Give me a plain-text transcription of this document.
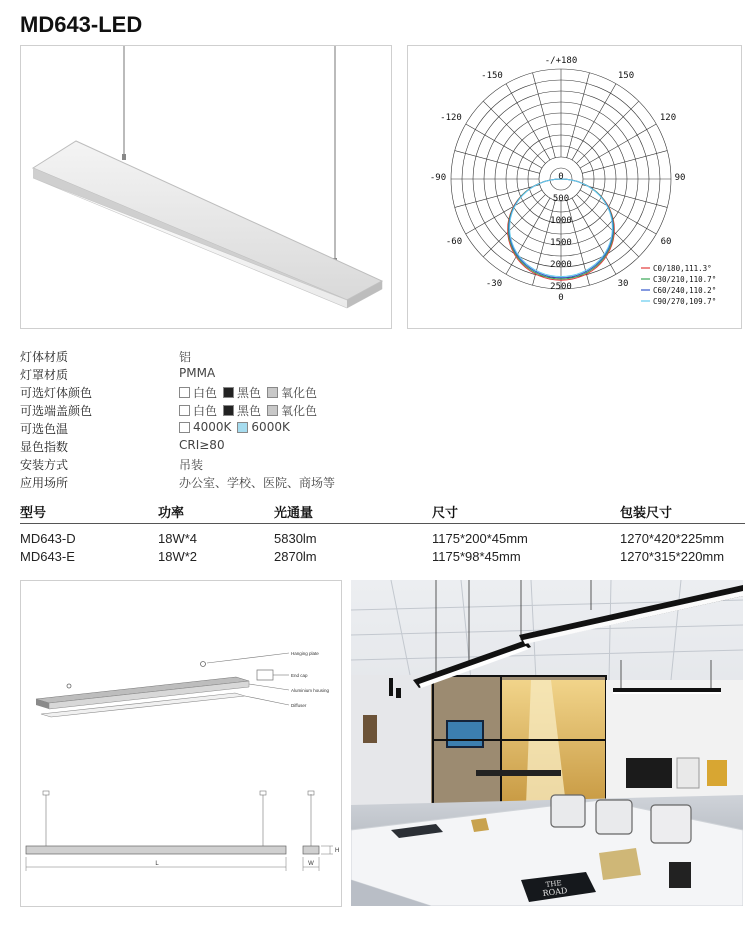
MD643-LED
-/+180
-150	150
-120	120
-90	90
-60	60
-30	30
0
500
1000
1500
2000
2500
0
C0/180,111.3°
C30/210,110.7°
C60/240,110.2°
C90/270,109.7°
灯体材质	铝
灯罩材质	PMMA
可选灯体颜色	白色 黑色 氧化色
可选端盖颜色	白色 黑色 氧化色
可选色温	4000K 6000K
显色指数	CRI≥80
安装方式	吊装
应用场所	办公室、学校、医院、商场等
型号	功率	光通量	尺寸	包装尺寸
MD643-D	18W*4	5830lm	1175*200*45mm	1270*420*225mm
MD643-E	18W*2	2870lm	1175*98*45mm	1270*315*220mm
Hanging plate
End cap
Aluminium housing
Diffuser
L	W
H
THE
ROAD
